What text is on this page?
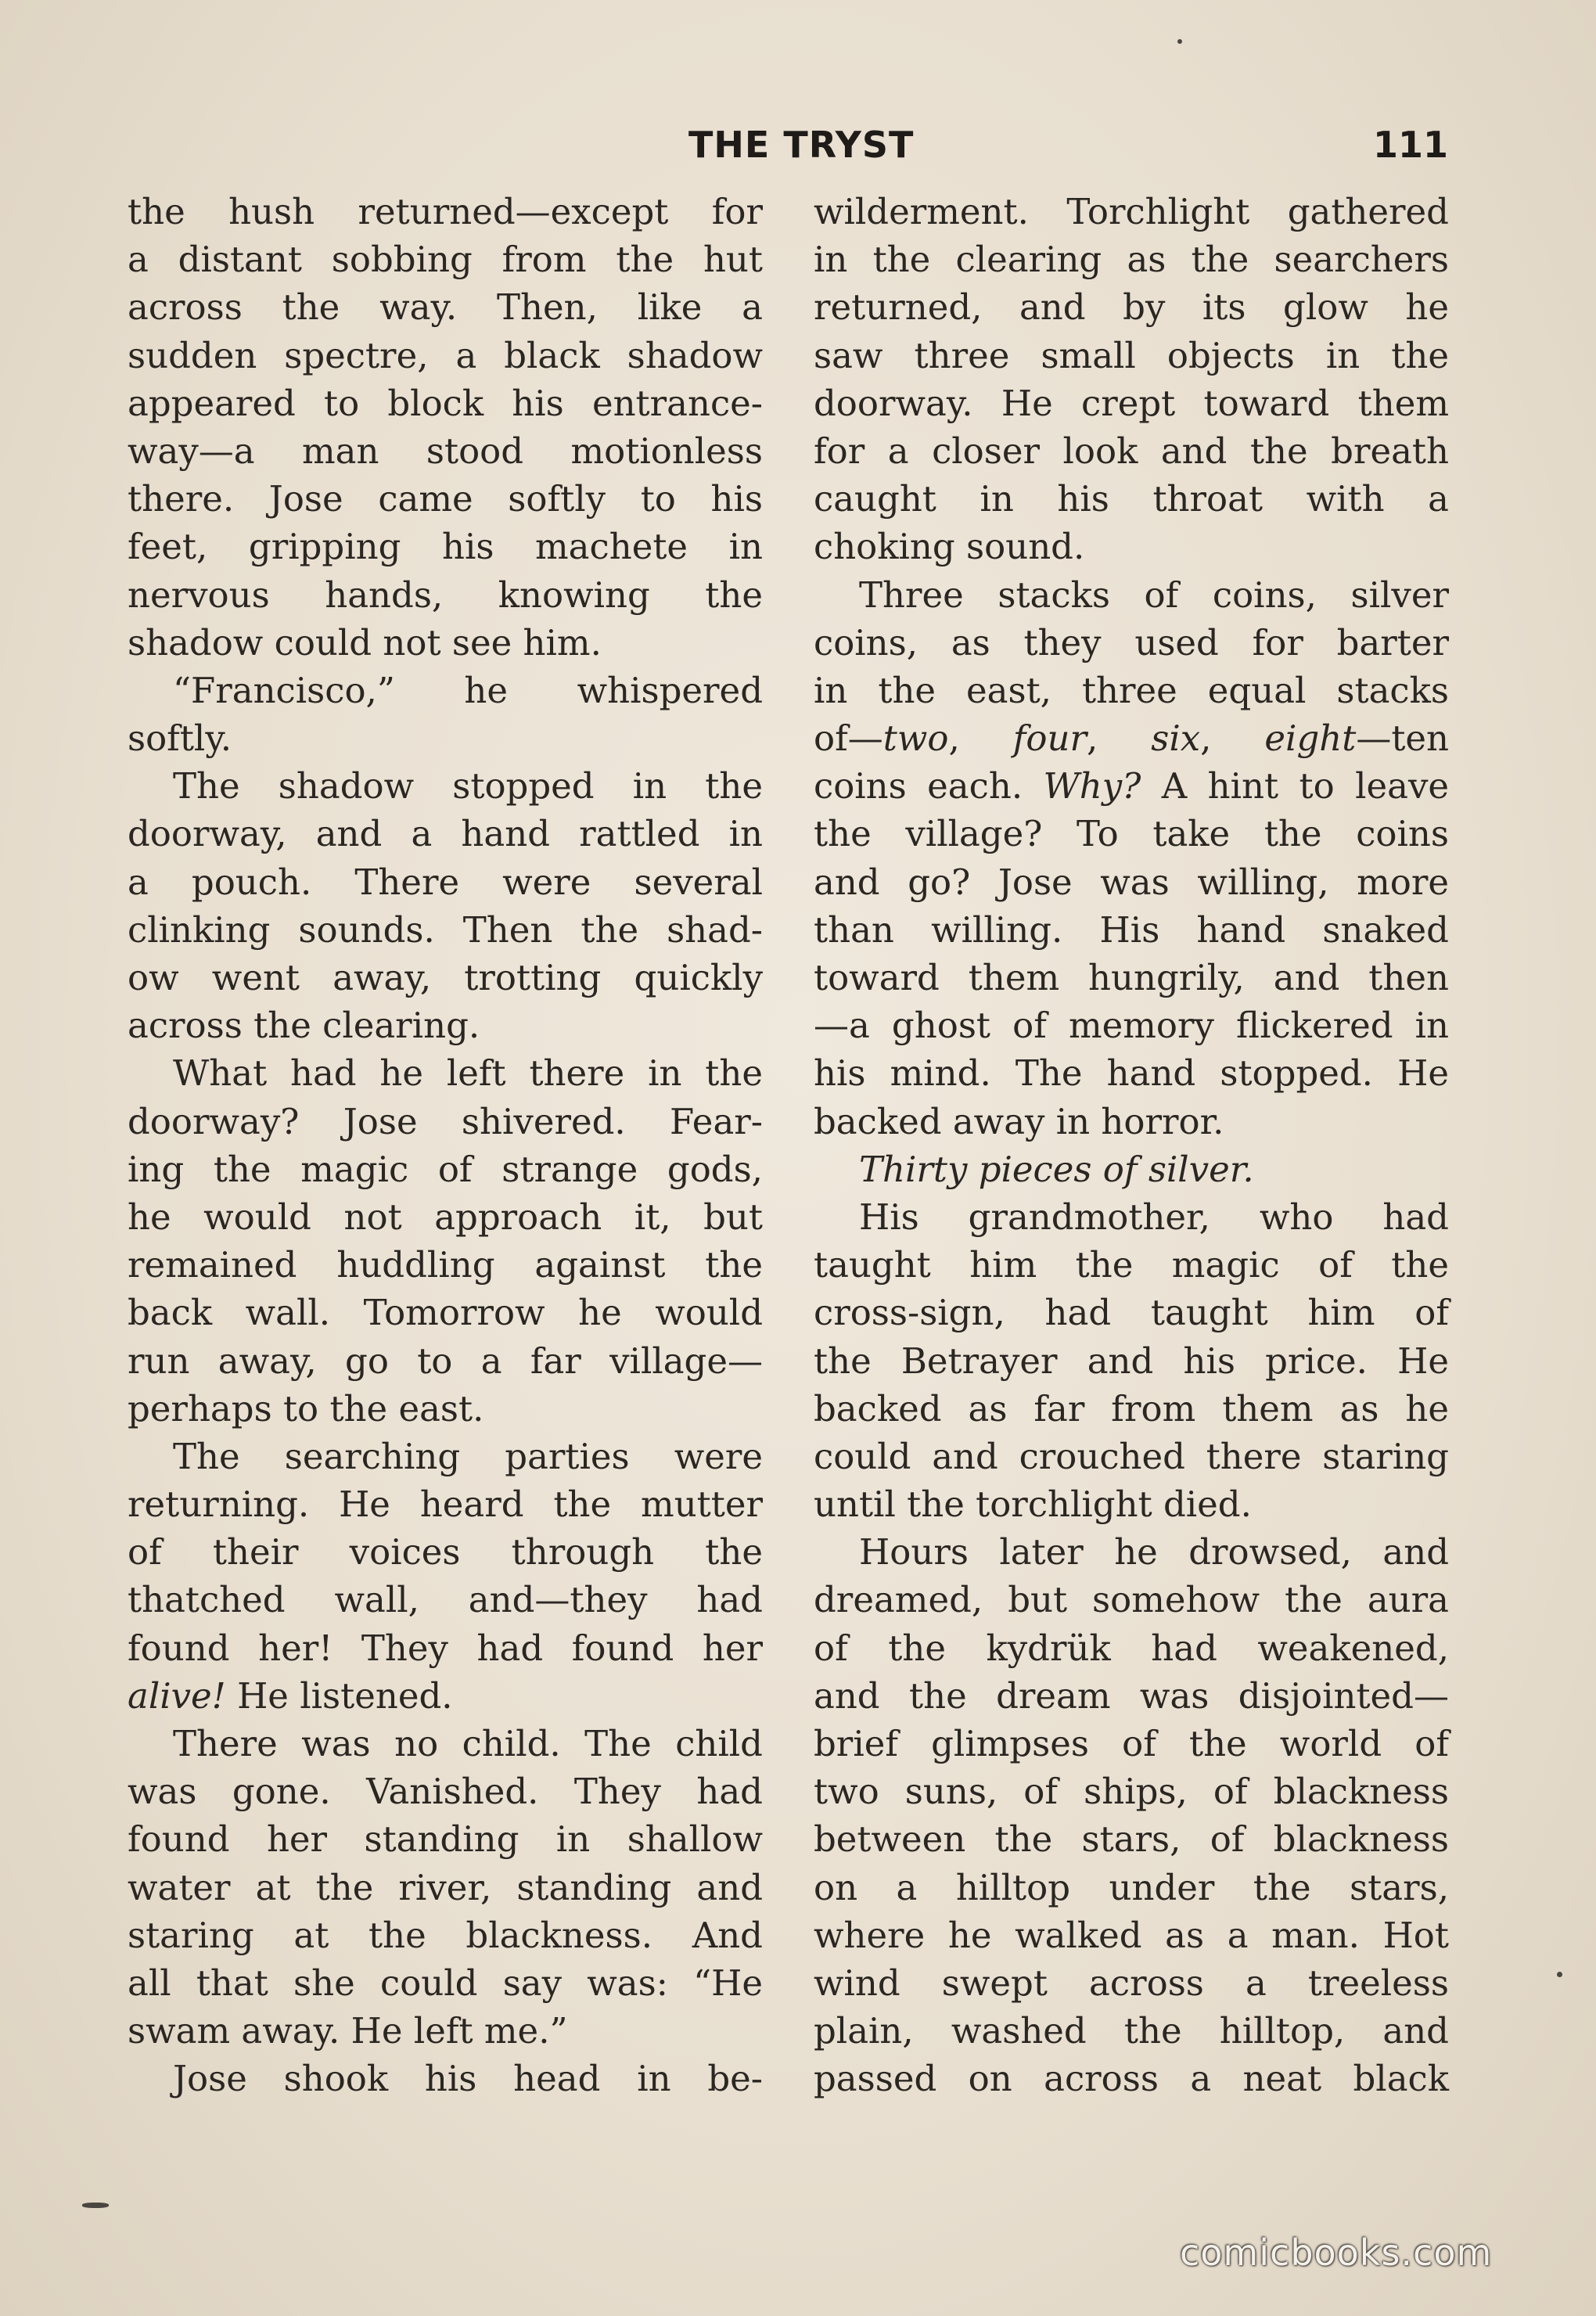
THE TRYST	111
the hush returned—except for
a distant sobbing from the hut
across the way. Then, like a
sudden spectre, a black shadow
appeared to block his entrance-
way—a man stood motionless
there. Jose came softly to his
feet, gripping his machete in
nervous hands, knowing the
shadow could not see him.
“Francisco,” he whispered
softly.
The shadow stopped in the
doorway, and a hand rattled in
a pouch. There were several
clinking sounds. Then the shad-
ow went away, trotting quickly
across the clearing.
What had he left there in the
doorway? Jose shivered. Fear-
ing the magic of strange gods,
he would not approach it, but
remained huddling against the
back wall. Tomorrow he would
run away, go to a far village—
perhaps to the east.
The searching parties were
returning. He heard the mutter
of their voices through the
thatched wall, and—they had
found her! They had found her
alive! He listened.
There was no child. The child
was gone. Vanished. They had
found her standing in shallow
water at the river, standing and
staring at the blackness. And
all that she could say was: “He
swam away. He left me.”
Jose shook his head in be-
wilderment. Torchlight gathered
in the clearing as the searchers
returned, and by its glow he
saw three small objects in the
doorway. He crept toward them
for a closer look and the breath
caught in his throat with a
choking sound.
Three stacks of coins, silver
coins, as they used for barter
in the east, three equal stacks
of—two, four, six, eight—ten
coins each. Why? A hint to leave
the village? To take the coins
and go? Jose was willing, more
than willing. His hand snaked
toward them hungrily, and then
—a ghost of memory flickered in
his mind. The hand stopped. He
backed away in horror.
Thirty pieces of silver.
His grandmother, who had
taught him the magic of the
cross-sign, had taught him of
the Betrayer and his price. He
backed as far from them as he
could and crouched there staring
until the torchlight died.
Hours later he drowsed, and
dreamed, but somehow the aura
of the kydrük had weakened,
and the dream was disjointed—
brief glimpses of the world of
two suns, of ships, of blackness
between the stars, of blackness
on a hilltop under the stars,
where he walked as a man. Hot
wind swept across a treeless
plain, washed the hilltop, and
passed on across a neat black
comicbooks.com
